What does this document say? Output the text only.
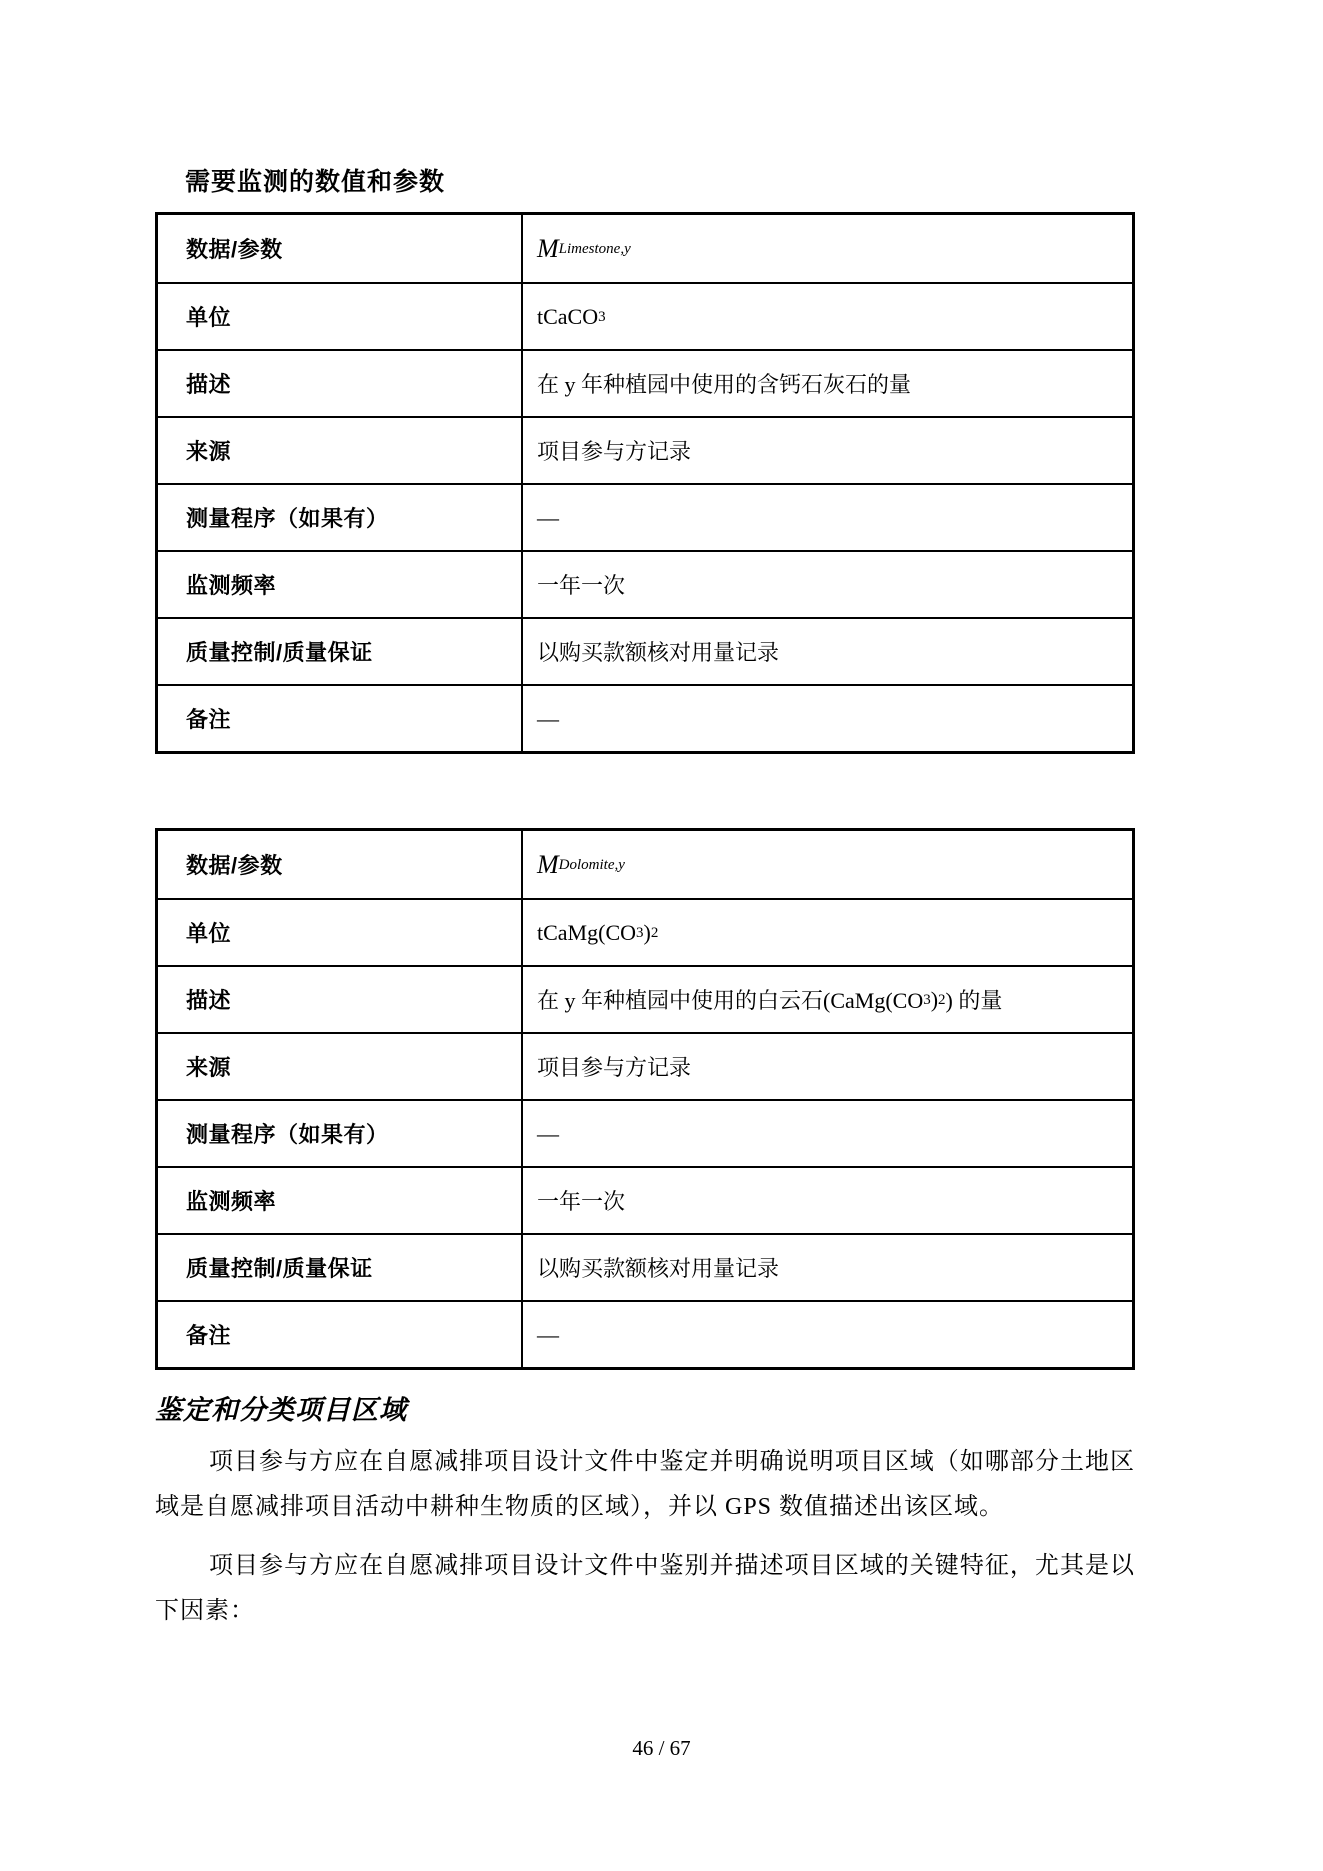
需要监测的数值和参数
数据/参数	M Limestone,y
单位	tCaCO 3
描述	在 y 年种植园中使用的含钙石灰石的量
来源	项目参与方记录
测量程序（如果有）	—
监测频率	一年一次
质量控制/质量保证	以购买款额核对用量记录
备注	—
数据/参数	M Dolomite,y
单位	tCaMg(CO 3 ) 2
描述	在 y 年种植园中使用的白云石(CaMg(CO 3 ) 2 ) 的量
来源	项目参与方记录
测量程序（如果有）	—
监测频率	一年一次
质量控制/质量保证	以购买款额核对用量记录
备注	—
鉴定和分类项目区域

项目参与方应在自愿减排项目设计文件中鉴定并明确说明项目区域（如哪部分土地区域是自愿减排项目活动中耕种生物质的区域），并以 GPS 数值描述出该区域。

项目参与方应在自愿减排项目设计文件中鉴别并描述项目区域的关键特征，尤其是以下因素：

46 / 67
